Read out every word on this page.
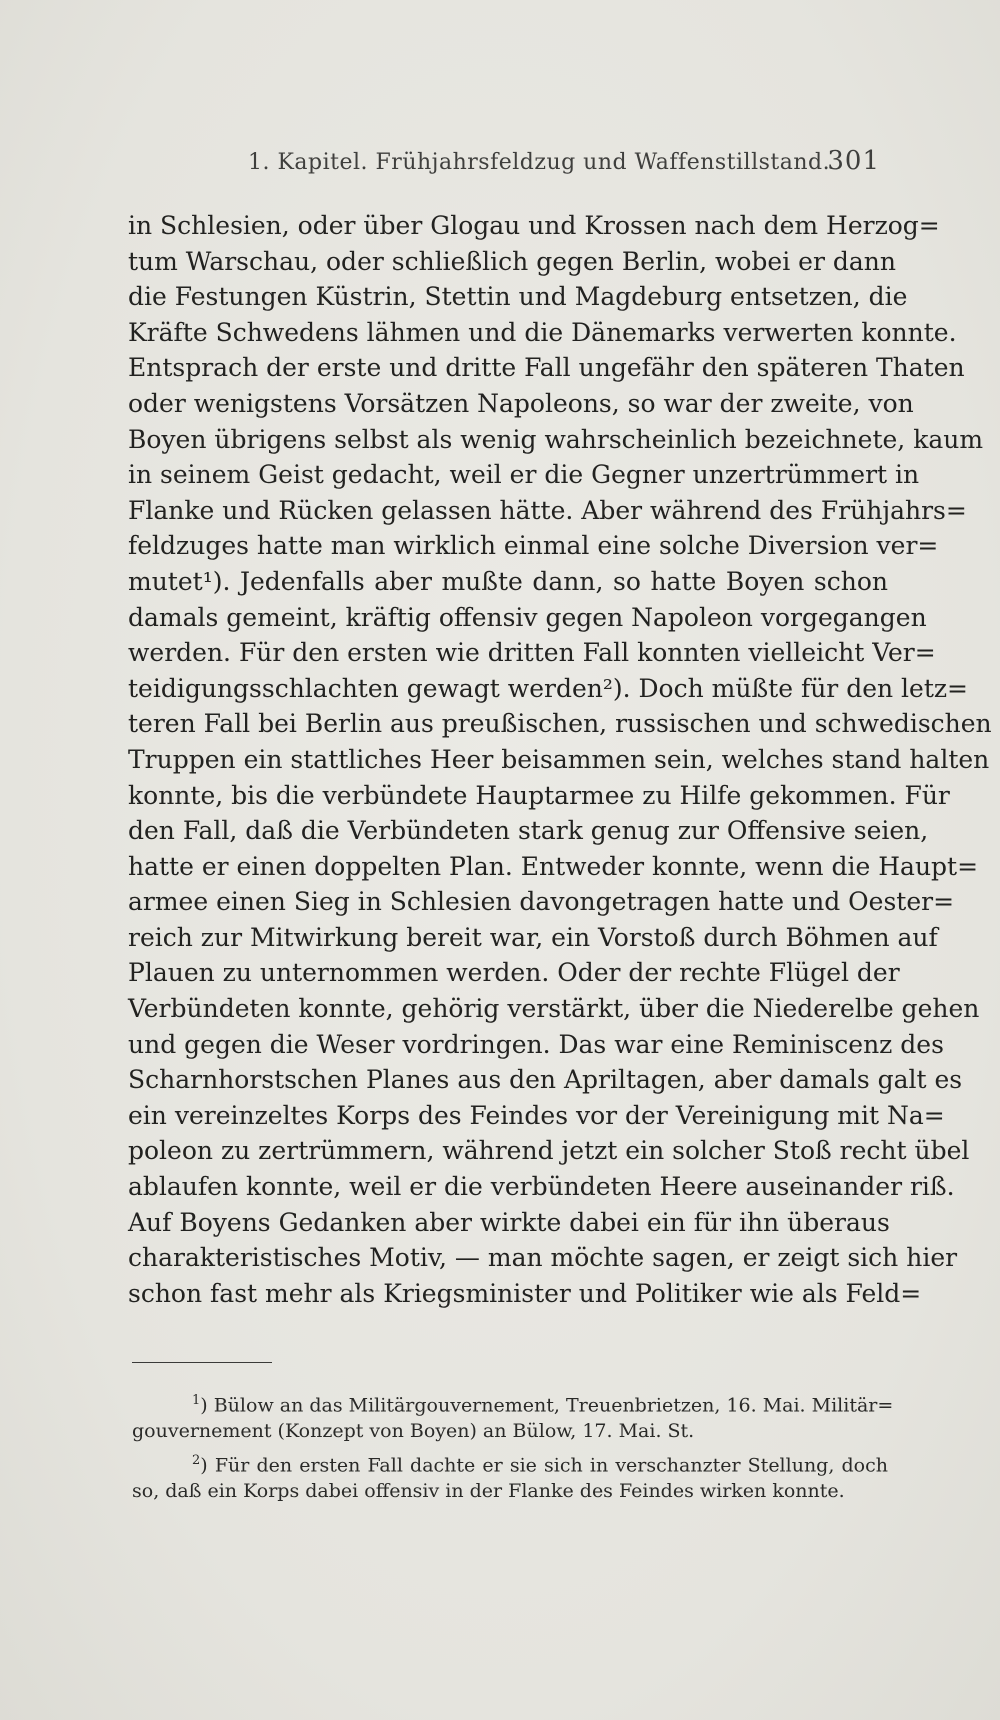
1. Kapitel. Frühjahrsfeldzug und Waffenstillstand.
301
in Schlesien, oder über Glogau und Krossen nach dem Herzog=
tum Warschau, oder schließlich gegen Berlin, wobei er dann
die Festungen Küstrin, Stettin und Magdeburg entsetzen, die
Kräfte Schwedens lähmen und die Dänemarks verwerten konnte.
Entsprach der erste und dritte Fall ungefähr den späteren Thaten
oder wenigstens Vorsätzen Napoleons, so war der zweite, von
Boyen übrigens selbst als wenig wahrscheinlich bezeichnete, kaum
in seinem Geist gedacht, weil er die Gegner unzertrümmert in
Flanke und Rücken gelassen hätte. Aber während des Frühjahrs=
feldzuges hatte man wirklich einmal eine solche Diversion ver=
mutet¹). Jedenfalls aber mußte dann, so hatte Boyen schon
damals gemeint, kräftig offensiv gegen Napoleon vorgegangen
werden. Für den ersten wie dritten Fall konnten vielleicht Ver=
teidigungsschlachten gewagt werden²). Doch müßte für den letz=
teren Fall bei Berlin aus preußischen, russischen und schwedischen
Truppen ein stattliches Heer beisammen sein, welches stand halten
konnte, bis die verbündete Hauptarmee zu Hilfe gekommen. Für
den Fall, daß die Verbündeten stark genug zur Offensive seien,
hatte er einen doppelten Plan. Entweder konnte, wenn die Haupt=
armee einen Sieg in Schlesien davongetragen hatte und Oester=
reich zur Mitwirkung bereit war, ein Vorstoß durch Böhmen auf
Plauen zu unternommen werden. Oder der rechte Flügel der
Verbündeten konnte, gehörig verstärkt, über die Niederelbe gehen
und gegen die Weser vordringen. Das war eine Reminiscenz des
Scharnhorstschen Planes aus den Apriltagen, aber damals galt es
ein vereinzeltes Korps des Feindes vor der Vereinigung mit Na=
poleon zu zertrümmern, während jetzt ein solcher Stoß recht übel
ablaufen konnte, weil er die verbündeten Heere auseinander riß.
Auf Boyens Gedanken aber wirkte dabei ein für ihn überaus
charakteristisches Motiv, — man möchte sagen, er zeigt sich hier
schon fast mehr als Kriegsminister und Politiker wie als Feld=
$^1$) Bülow an das Militärgouvernement, Treuenbrietzen, 16. Mai. Militär=
gouvernement (Konzept von Boyen) an Bülow, 17. Mai. St.
$^2$) Für den ersten Fall dachte er sie sich in verschanzter Stellung, doch
so, daß ein Korps dabei offensiv in der Flanke des Feindes wirken konnte.
